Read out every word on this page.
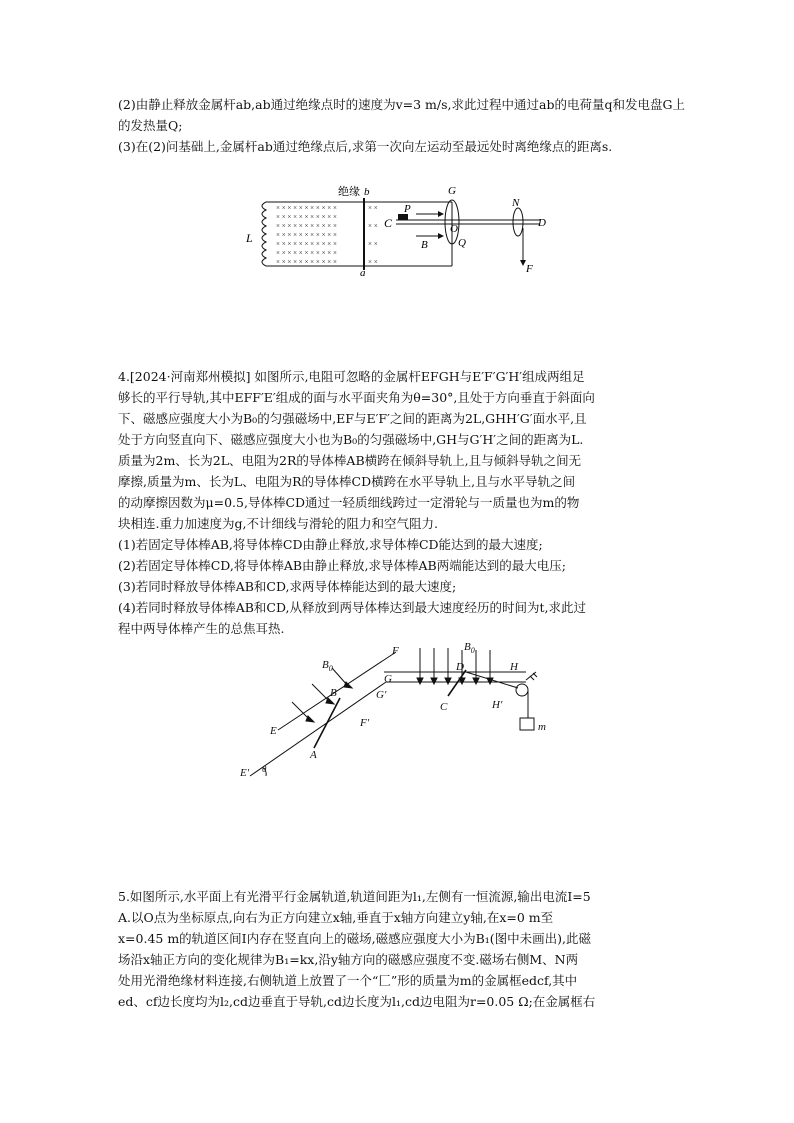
(2)由静止释放金属杆ab,ab通过绝缘点时的速度为v=3 m/s,求此过程中通过ab的电荷量q和发电盘G上的发热量Q;

(3)在(2)问基础上,金属杆ab通过绝缘点后,求第一次向左运动至最远处时离绝缘点的距离s.

L
× × × × × × × × × × ×
× × × × × × × × × × ×
× × × × × × × × × × ×
× × × × × × × × × × ×
× × × × × × × × × × ×
× × × × × × × × × × ×
× × × × × × × × × × ×
× ×
× ×
× ×
× ×
绝缘 b
a
C
P
B
G
O
Q
N
D
F

4.[2024·河南郑州模拟] 如图所示,电阻可忽略的金属杆EFGH与E′F′G′H′组成两组足

够长的平行导轨,其中EFF′E′组成的面与水平面夹角为θ=30°,且处于方向垂直于斜面向

下、磁感应强度大小为B₀的匀强磁场中,EF与E′F′之间的距离为2L,GHH′G′面水平,且

处于方向竖直向下、磁感应强度大小也为B₀的匀强磁场中,GH与G′H′之间的距离为L.

质量为2m、长为2L、电阻为2R的导体棒AB横跨在倾斜导轨上,且与倾斜导轨之间无

摩擦,质量为m、长为L、电阻为R的导体棒CD横跨在水平导轨上,且与水平导轨之间

的动摩擦因数为μ=0.5,导体棒CD通过一轻质细线跨过一定滑轮与一质量也为m的物

块相连.重力加速度为g,不计细线与滑轮的阻力和空气阻力.

(1)若固定导体棒AB,将导体棒CD由静止释放,求导体棒CD能达到的最大速度;

(2)若固定导体棒CD,将导体棒AB由静止释放,求导体棒AB两端能达到的最大电压;

(3)若同时释放导体棒AB和CD,求两导体棒能达到的最大速度;

(4)若同时释放导体棒AB和CD,从释放到两导体棒达到最大速度经历的时间为t,求此过

程中两导体棒产生的总焦耳热.

$B_0$
$B_0$
E
A
B
F
F′
G
G′
C
D	H
H′
E′ θ
m

5.如图所示,水平面上有光滑平行金属轨道,轨道间距为l₁,左侧有一恒流源,输出电流I=5

A.以O点为坐标原点,向右为正方向建立x轴,垂直于x轴方向建立y轴,在x=0 m至

x=0.45 m的轨道区间Ⅰ内存在竖直向上的磁场,磁感应强度大小为B₁(图中未画出),此磁

场沿x轴正方向的变化规律为B₁=kx,沿y轴方向的磁感应强度不变.磁场右侧M、N两

处用光滑绝缘材料连接,右侧轨道上放置了一个“匚”形的质量为m的金属框edcf,其中

ed、cf边长度均为l₂,cd边垂直于导轨,cd边长度为l₁,cd边电阻为r=0.05 Ω;在金属框右
